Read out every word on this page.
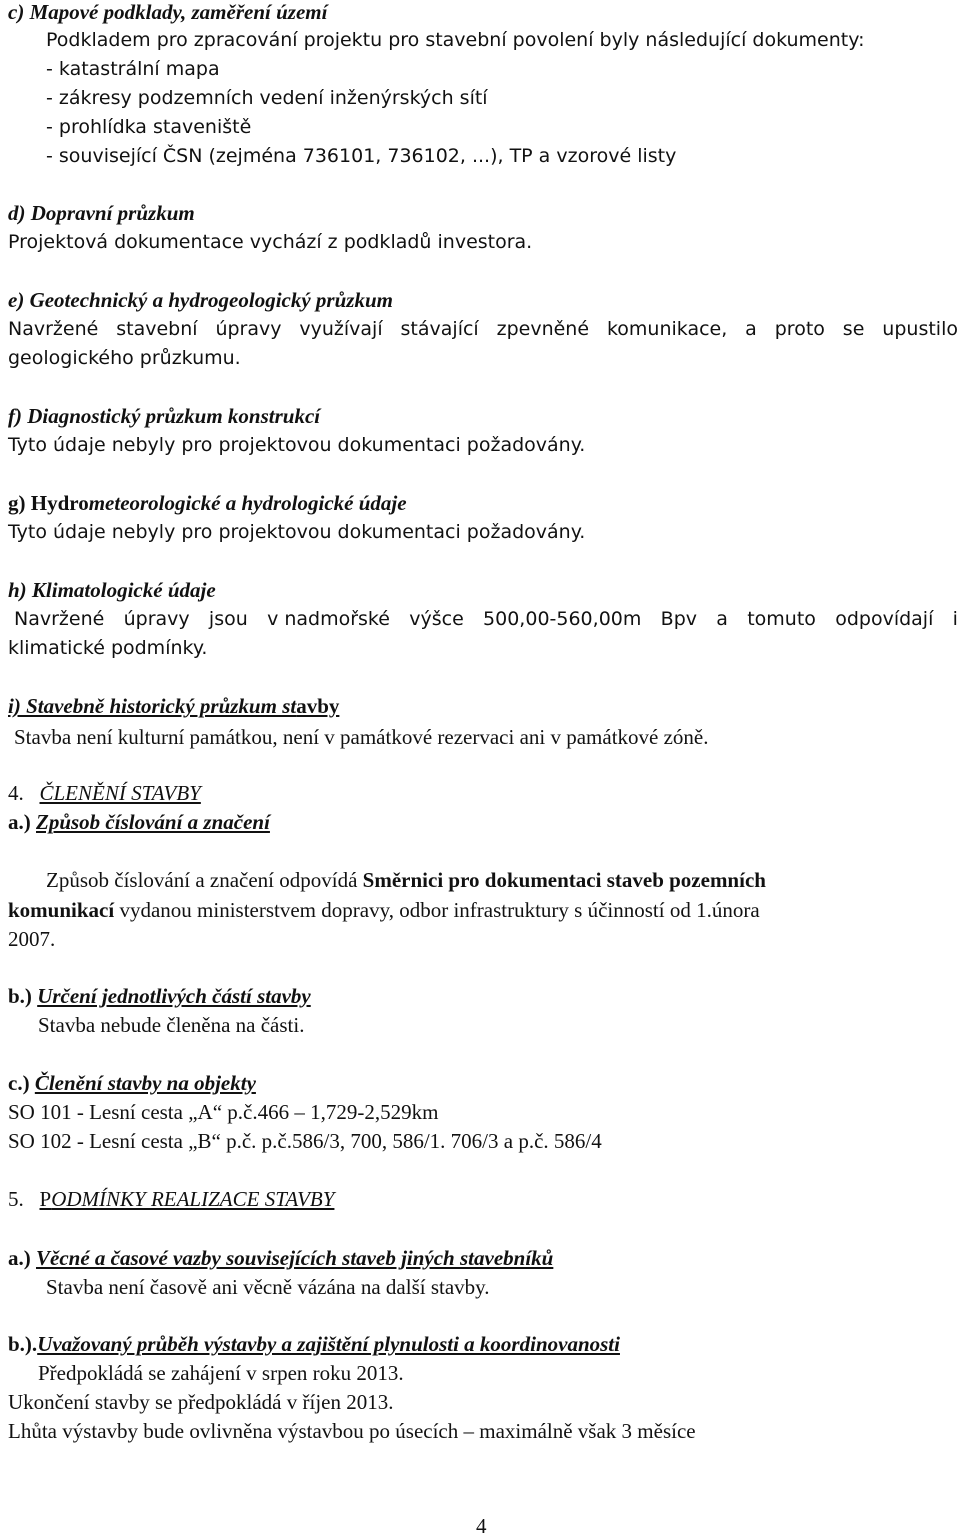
c) Mapové podklady, zaměření území
Podkladem pro zpracování projektu pro stavební povolení byly následující dokumenty:
- katastrální mapa
- zákresy podzemních vedení inženýrských sítí
- prohlídka staveniště
- související ČSN (zejména 736101, 736102, ...), TP a vzorové listy
d) Dopravní průzkum
Projektová dokumentace vychází z podkladů investora.
e) Geotechnický a hydrogeologický průzkum
Navržené stavební úpravy využívají stávající zpevněné komunikace, a proto se upustilo
geologického průzkumu.
f) Diagnostický průzkum konstrukcí
Tyto údaje nebyly pro projektovou dokumentaci požadovány.
g) Hydrometeorologické a hydrologické údaje
Tyto údaje nebyly pro projektovou dokumentaci požadovány.
h) Klimatologické údaje
Navržené úpravy jsou v nadmořské výšce 500,00-560,00m Bpv a tomuto odpovídají i
klimatické podmínky.
i) Stavebně historický průzkum stavby
Stavba není kulturní památkou, není v památkové rezervaci ani v památkové zóně.
4. ČLENĚNÍ STAVBY
a.) Způsob číslování a značení
Způsob číslování a značení odpovídá Směrnici pro dokumentaci staveb pozemních
komunikací vydanou ministerstvem dopravy, odbor infrastruktury s účinností od 1.února
2007.
b.) Určení jednotlivých částí stavby
Stavba nebude členěna na části.
c.) Členění stavby na objekty
SO 101 - Lesní cesta „A“ p.č.466 – 1,729-2,529km
SO 102 - Lesní cesta „B“ p.č. p.č.586/3, 700, 586/1. 706/3 a p.č. 586/4
5. PODMÍNKY REALIZACE STAVBY
a.) Věcné a časové vazby souvisejících staveb jiných stavebníků
Stavba není časově ani věcně vázána na další stavby.
b.).Uvažovaný průběh výstavby a zajištění plynulosti a koordinovanosti
Předpokládá se zahájení v srpen roku 2013.
Ukončení stavby se předpokládá v říjen 2013.
Lhůta výstavby bude ovlivněna výstavbou po úsecích – maximálně však 3 měsíce
4
